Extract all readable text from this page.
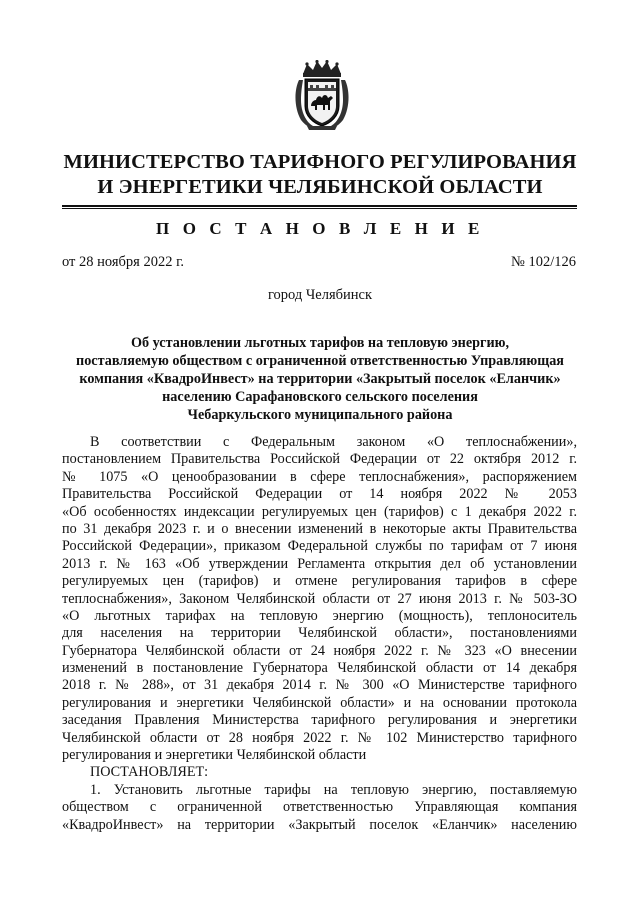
МИНИСТЕРСТВО ТАРИФНОГО РЕГУЛИРОВАНИЯ
И ЭНЕРГЕТИКИ ЧЕЛЯБИНСКОЙ ОБЛАСТИ
П О С Т А Н О В Л Е Н И Е
от 28 ноября 2022 г.	№ 102/126
город Челябинск
Об установлении льготных тарифов на тепловую энергию,
поставляемую обществом с ограниченной ответственностью Управляющая
компания «КвадроИнвест» на территории «Закрытый поселок «Еланчик»
населению Сарафановского сельского поселения
Чебаркульского муниципального района
В соответствии с Федеральным законом «О теплоснабжении»,
постановлением Правительства Российской Федерации от 22 октября 2012 г.
№ 1075 «О ценообразовании в сфере теплоснабжения», распоряжением
Правительства Российской Федерации от 14 ноября 2022 № 2053
«Об особенностях индексации регулируемых цен (тарифов) с 1 декабря 2022 г.
по 31 декабря 2023 г. и о внесении изменений в некоторые акты Правительства
Российской Федерации», приказом Федеральной службы по тарифам от 7 июня
2013 г. № 163 «Об утверждении Регламента открытия дел об установлении
регулируемых цен (тарифов) и отмене регулирования тарифов в сфере
теплоснабжения», Законом Челябинской области от 27 июня 2013 г. № 503-ЗО
«О льготных тарифах на тепловую энергию (мощность), теплоноситель
для населения на территории Челябинской области», постановлениями
Губернатора Челябинской области от 24 ноября 2022 г. № 323 «О внесении
изменений в постановление Губернатора Челябинской области от 14 декабря
2018 г. № 288», от 31 декабря 2014 г. № 300 «О Министерстве тарифного
регулирования и энергетики Челябинской области» и на основании протокола
заседания Правления Министерства тарифного регулирования и энергетики
Челябинской области от 28 ноября 2022 г. № 102 Министерство тарифного
регулирования и энергетики Челябинской области
ПОСТАНОВЛЯЕТ:
1. Установить льготные тарифы на тепловую энергию, поставляемую
обществом с ограниченной ответственностью Управляющая компания
«КвадроИнвест» на территории «Закрытый поселок «Еланчик» населению
